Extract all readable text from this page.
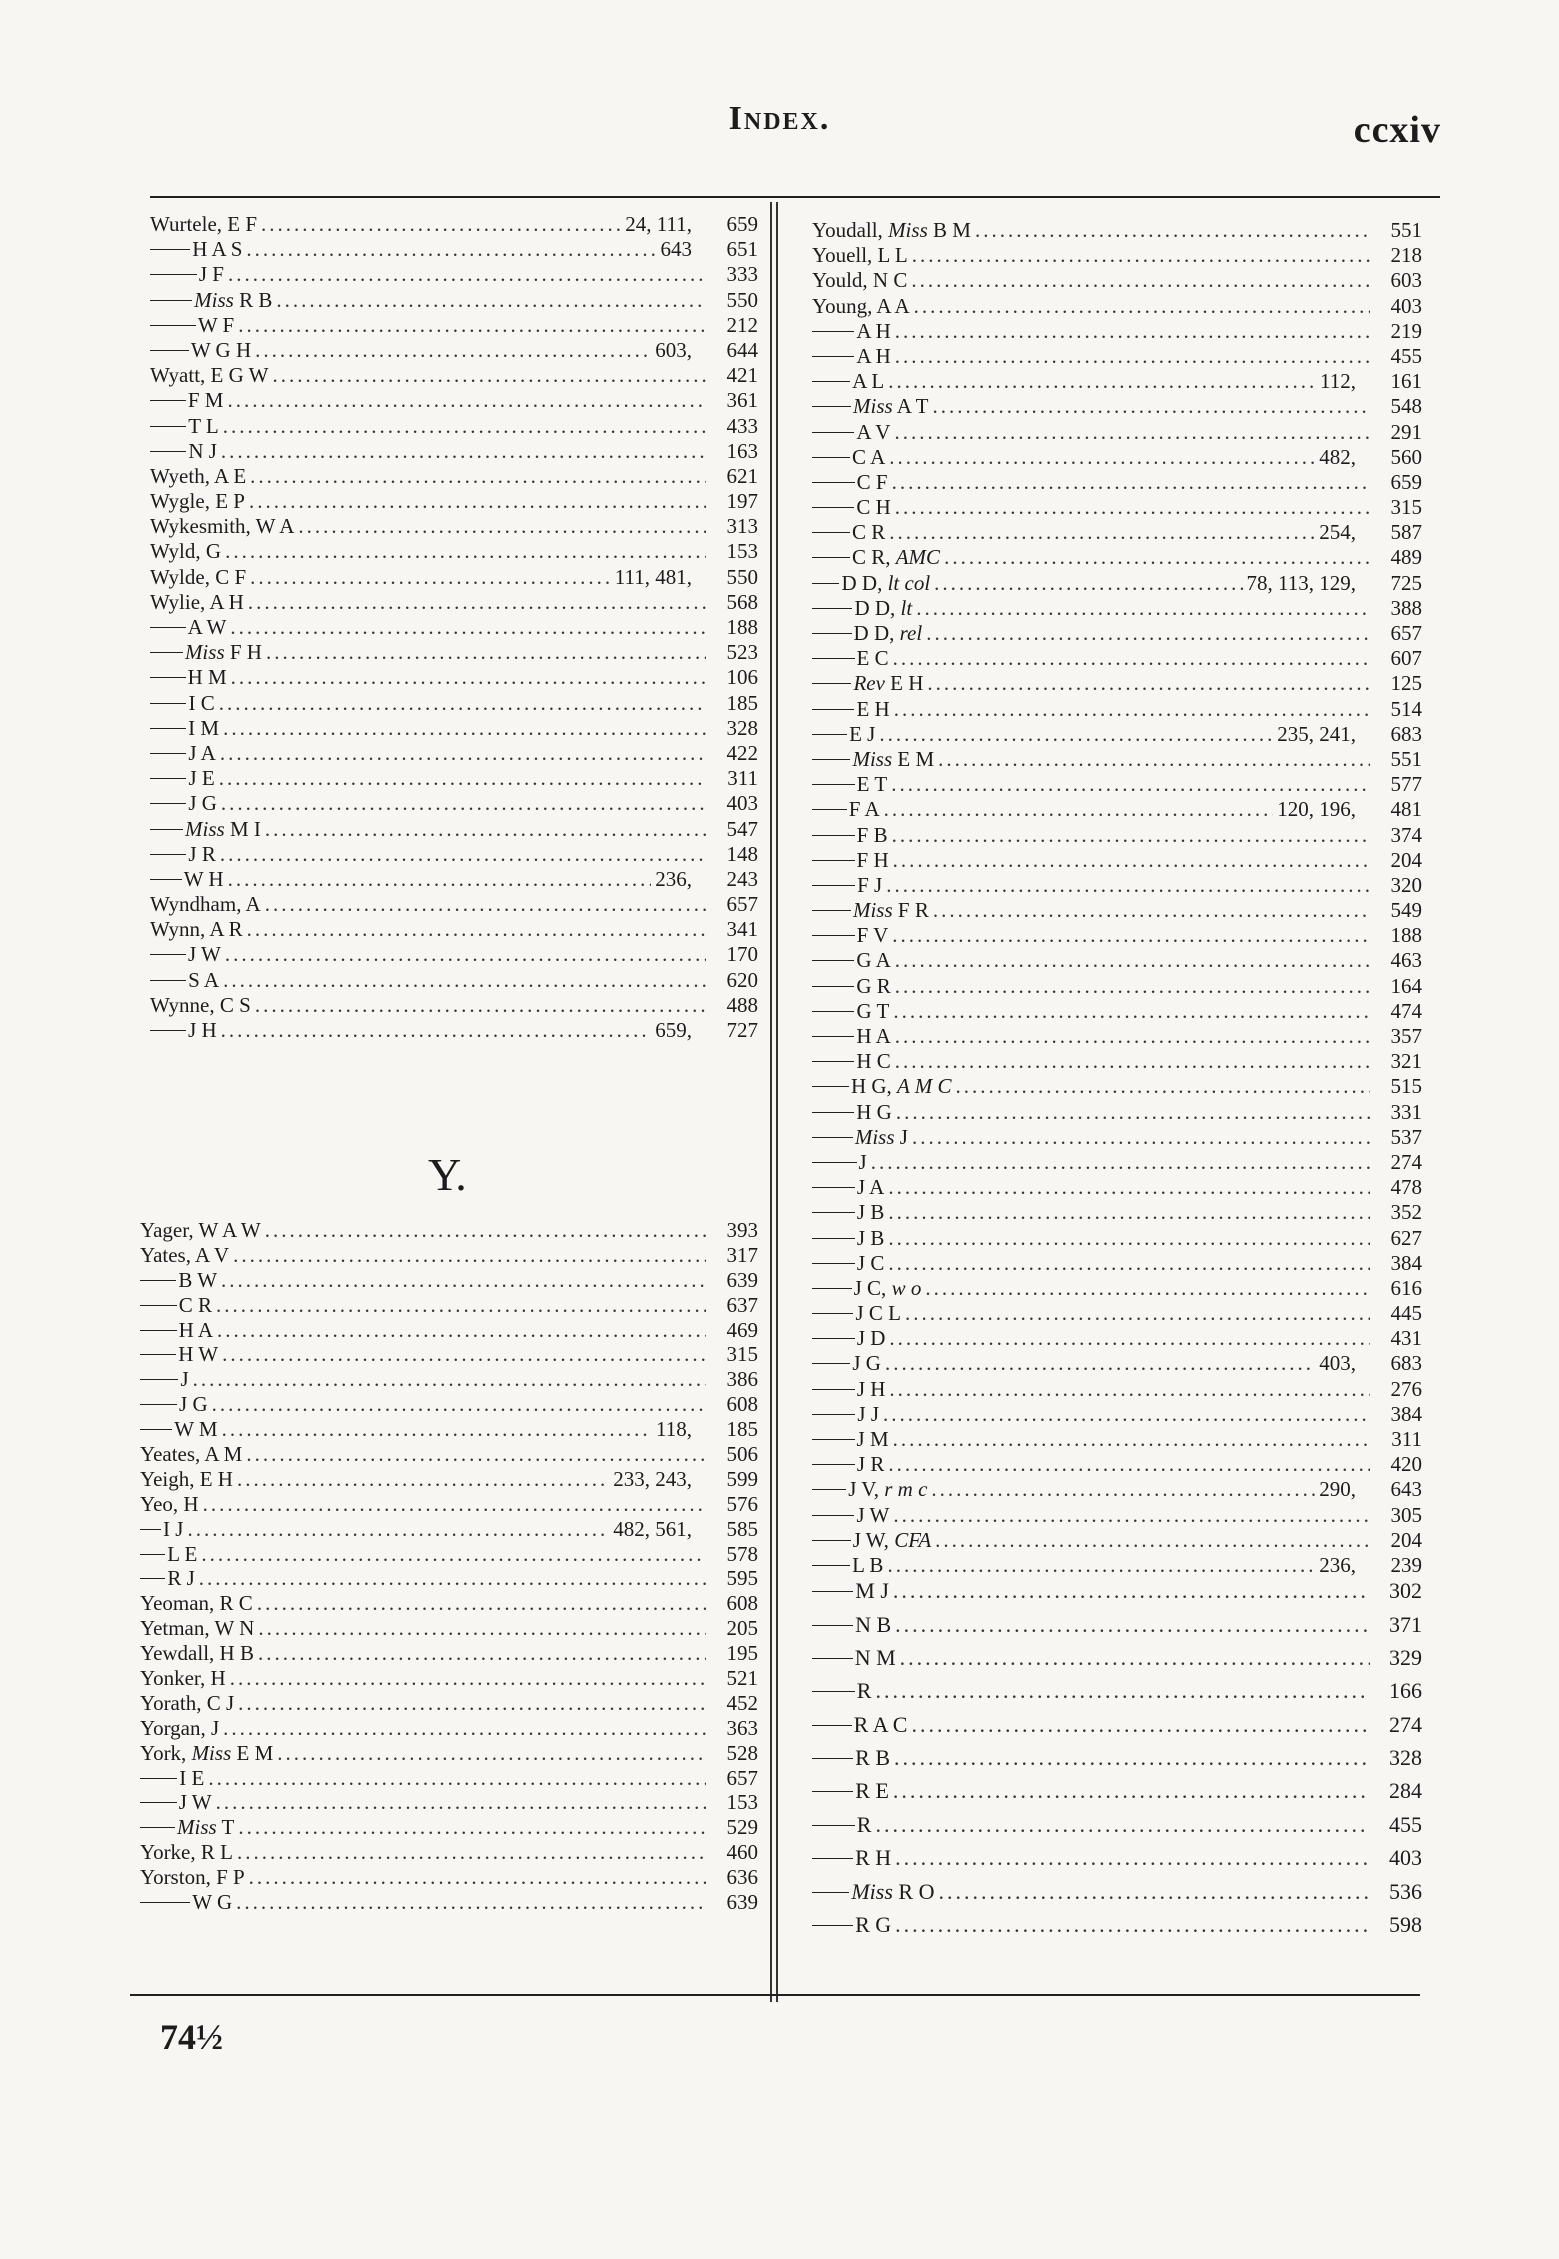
Index.	ccxiv
Wurtele, E F .....	24, 111,	659
H A S .....	643	651
J F .....	333
Miss R B .....	550
W F .....	212
W G H .....	603,	644
Wyatt, E G W .....	421
F M .....	361
T L .....	433
N J .....	163
Wyeth, A E .....	621
Wygle, E P .....	197
Wykesmith, W A .....	313
Wyld, G .....	153
Wylde, C F .....	111, 481,	550
Wylie, A H .....	568
A W .....	188
Miss F H .....	523
H M .....	106
I C .....	185
I M .....	328
J A .....	422
J E .....	311
J G .....	403
Miss M I .....	547
J R .....	148
W H .....	236,	243
Wyndham, A .....	657
Wynn, A R .....	341
J W .....	170
S A .....	620
Wynne, C S .....	488
J H .....	659,	727
Y.
Yager, W A W .....	393
Yates, A V .....	317
B W .....	639
C R .....	637
H A .....	469
H W .....	315
J .....	386
J G .....	608
W M .....	118,	185
Yeates, A M .....	506
Yeigh, E H .....	233, 243,	599
Yeo, H .....	576
I J .....	482, 561,	585
L E .....	578
R J .....	595
Yeoman, R C .....	608
Yetman, W N .....	205
Yewdall, H B .....	195
Yonker, H .....	521
Yorath, C J .....	452
Yorgan, J .....	363
York, Miss E M .....	528
I E .....	657
J W .....	153
Miss T .....	529
Yorke, R L .....	460
Yorston, F P .....	636
W G .....	639
Youdall, Miss B M .....	551
Youell, L L .....	218
Yould, N C .....	603
Young, A A .....	403
A H .....	219
A H .....	455
A L .....	112,	161
Miss A T .....	548
A V .....	291
C A .....	482,	560
C F .....	659
C H .....	315
C R .....	254,	587
C R, AMC .....	489
D D, lt col .....	78, 113, 129,	725
D D, lt .....	388
D D, rel .....	657
E C .....	607
Rev E H .....	125
E H .....	514
E J .....	235, 241,	683
Miss E M .....	551
E T .....	577
F A .....	120, 196,	481
F B .....	374
F H .....	204
F J .....	320
Miss F R .....	549
F V .....	188
G A .....	463
G R .....	164
G T .....	474
H A .....	357
H C .....	321
H G, A M C .....	515
H G .....	331
Miss J .....	537
J .....	274
J A .....	478
J B .....	352
J B .....	627
J C .....	384
J C, w o .....	616
J C L .....	445
J D .....	431
J G .....	403,	683
J H .....	276
J J .....	384
J M .....	311
J R .....	420
J V, r m c .....	290,	643
J W .....	305
J W, CFA .....	204
L B .....	236,	239
M J .....	302
N B .....	371
N M .....	329
R .....	166
R A C .....	274
R B .....	328
R E .....	284
R .....	455
R H .....	403
Miss R O .....	536
R G .....	598
74½
